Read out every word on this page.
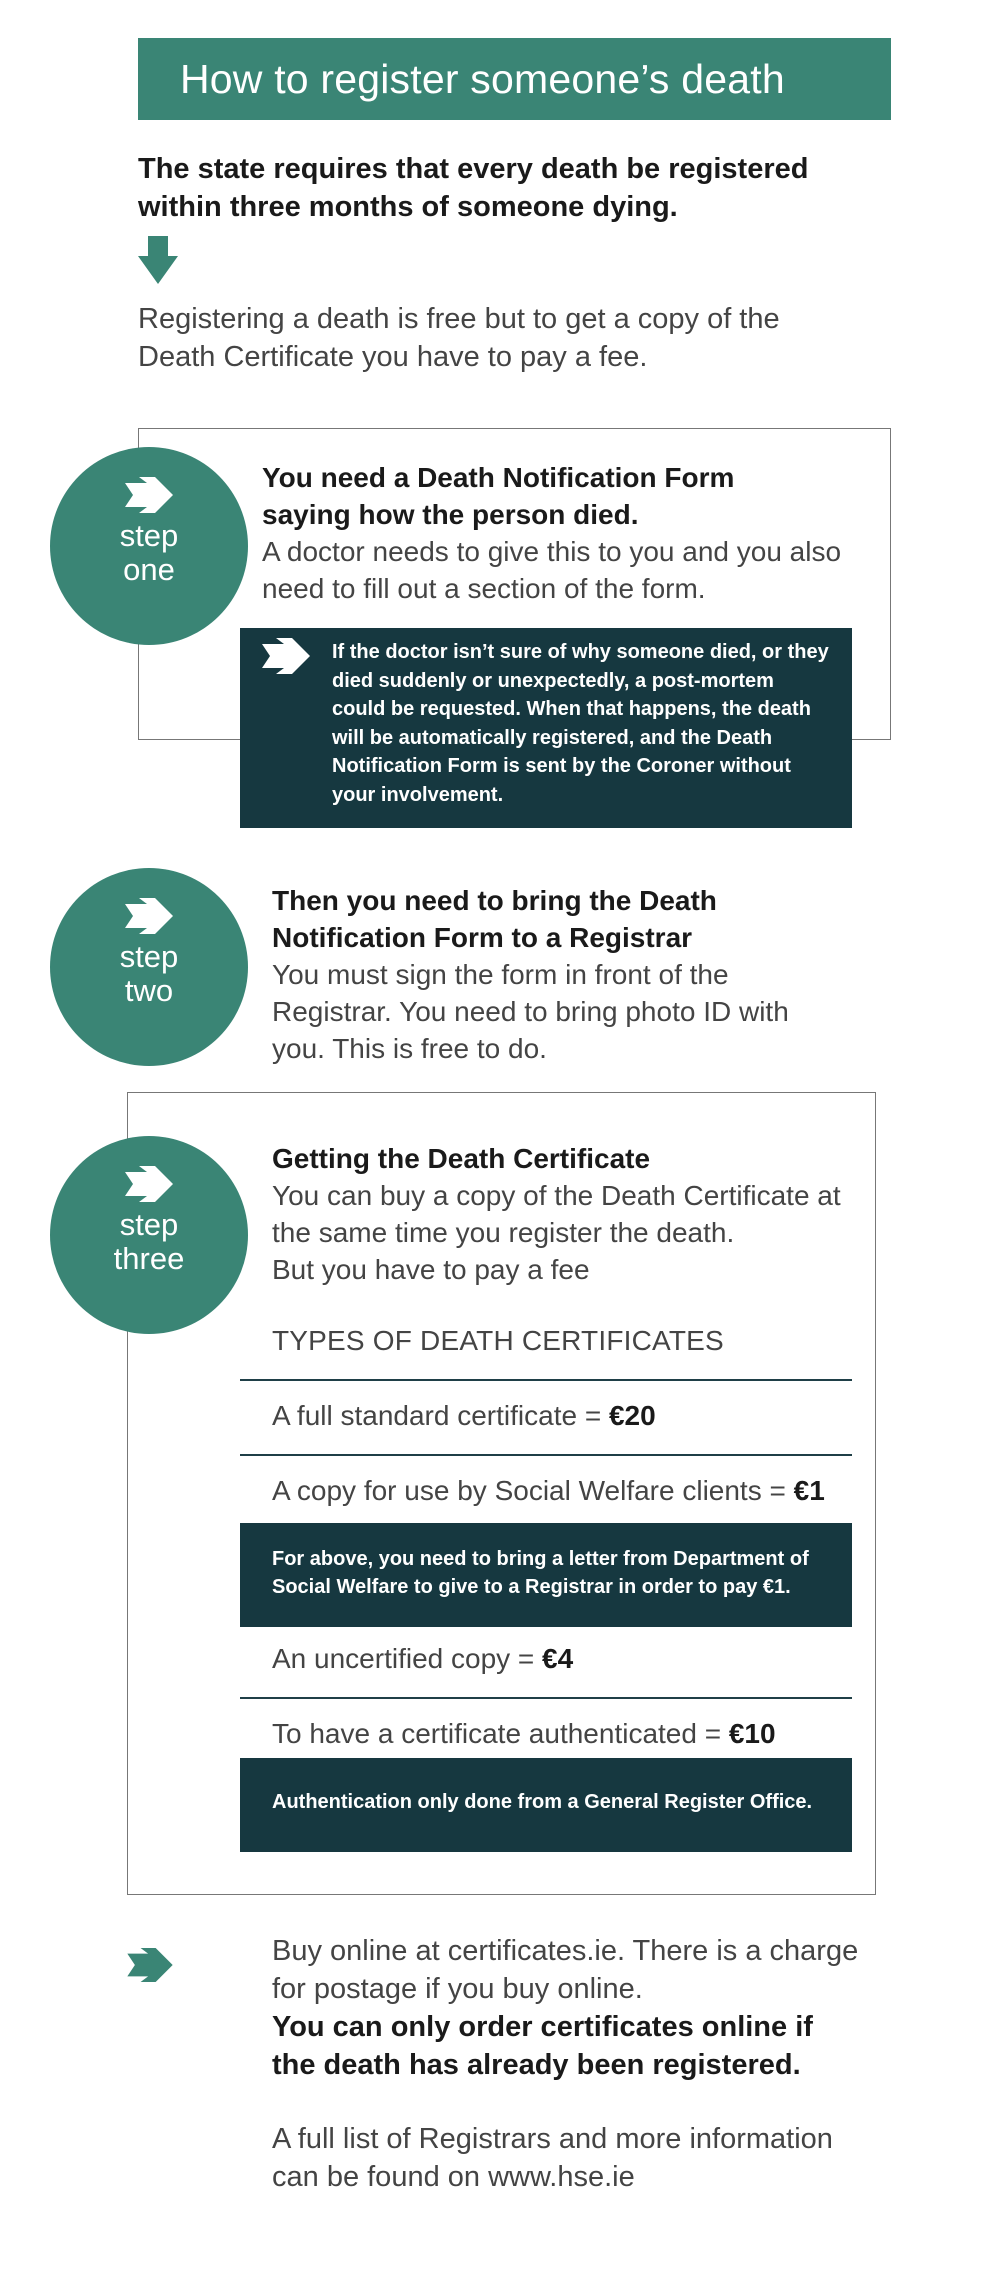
How to register someone’s death
The state requires that every death be registered within three months of someone dying.
Registering a death is free but to get a copy of the Death Certificate you have to pay a fee.
step
one
You need a Death Notification Form saying how the person died.
A doctor needs to give this to you and you also need to fill out a section of the form.
If the doctor isn’t sure of why someone died, or they died suddenly or unexpectedly, a post-mortem could be requested. When that happens, the death will be automatically registered, and the Death Notification Form is sent by the Coroner without your involvement.
step
two
Then you need to bring the Death Notification Form to a Registrar
You must sign the form in front of the Registrar. You need to bring photo ID with you. This is free to do.
step
three
Getting the Death Certificate
You can buy a copy of the Death Certificate at the same time you register the death.
But you have to pay a fee
TYPES OF DEATH CERTIFICATES
A full standard certificate = €20
A copy for use by Social Welfare clients = €1
For above, you need to bring a letter from Department of Social Welfare to give to a Registrar in order to pay €1.
An uncertified copy = €4
To have a certificate authenticated = €10
Authentication only done from a General Register Office.
Buy online at certificates.ie. There is a charge for postage if you buy online.
You can only order certificates online if the death has already been registered.
A full list of Registrars and more information can be found on www.hse.ie
